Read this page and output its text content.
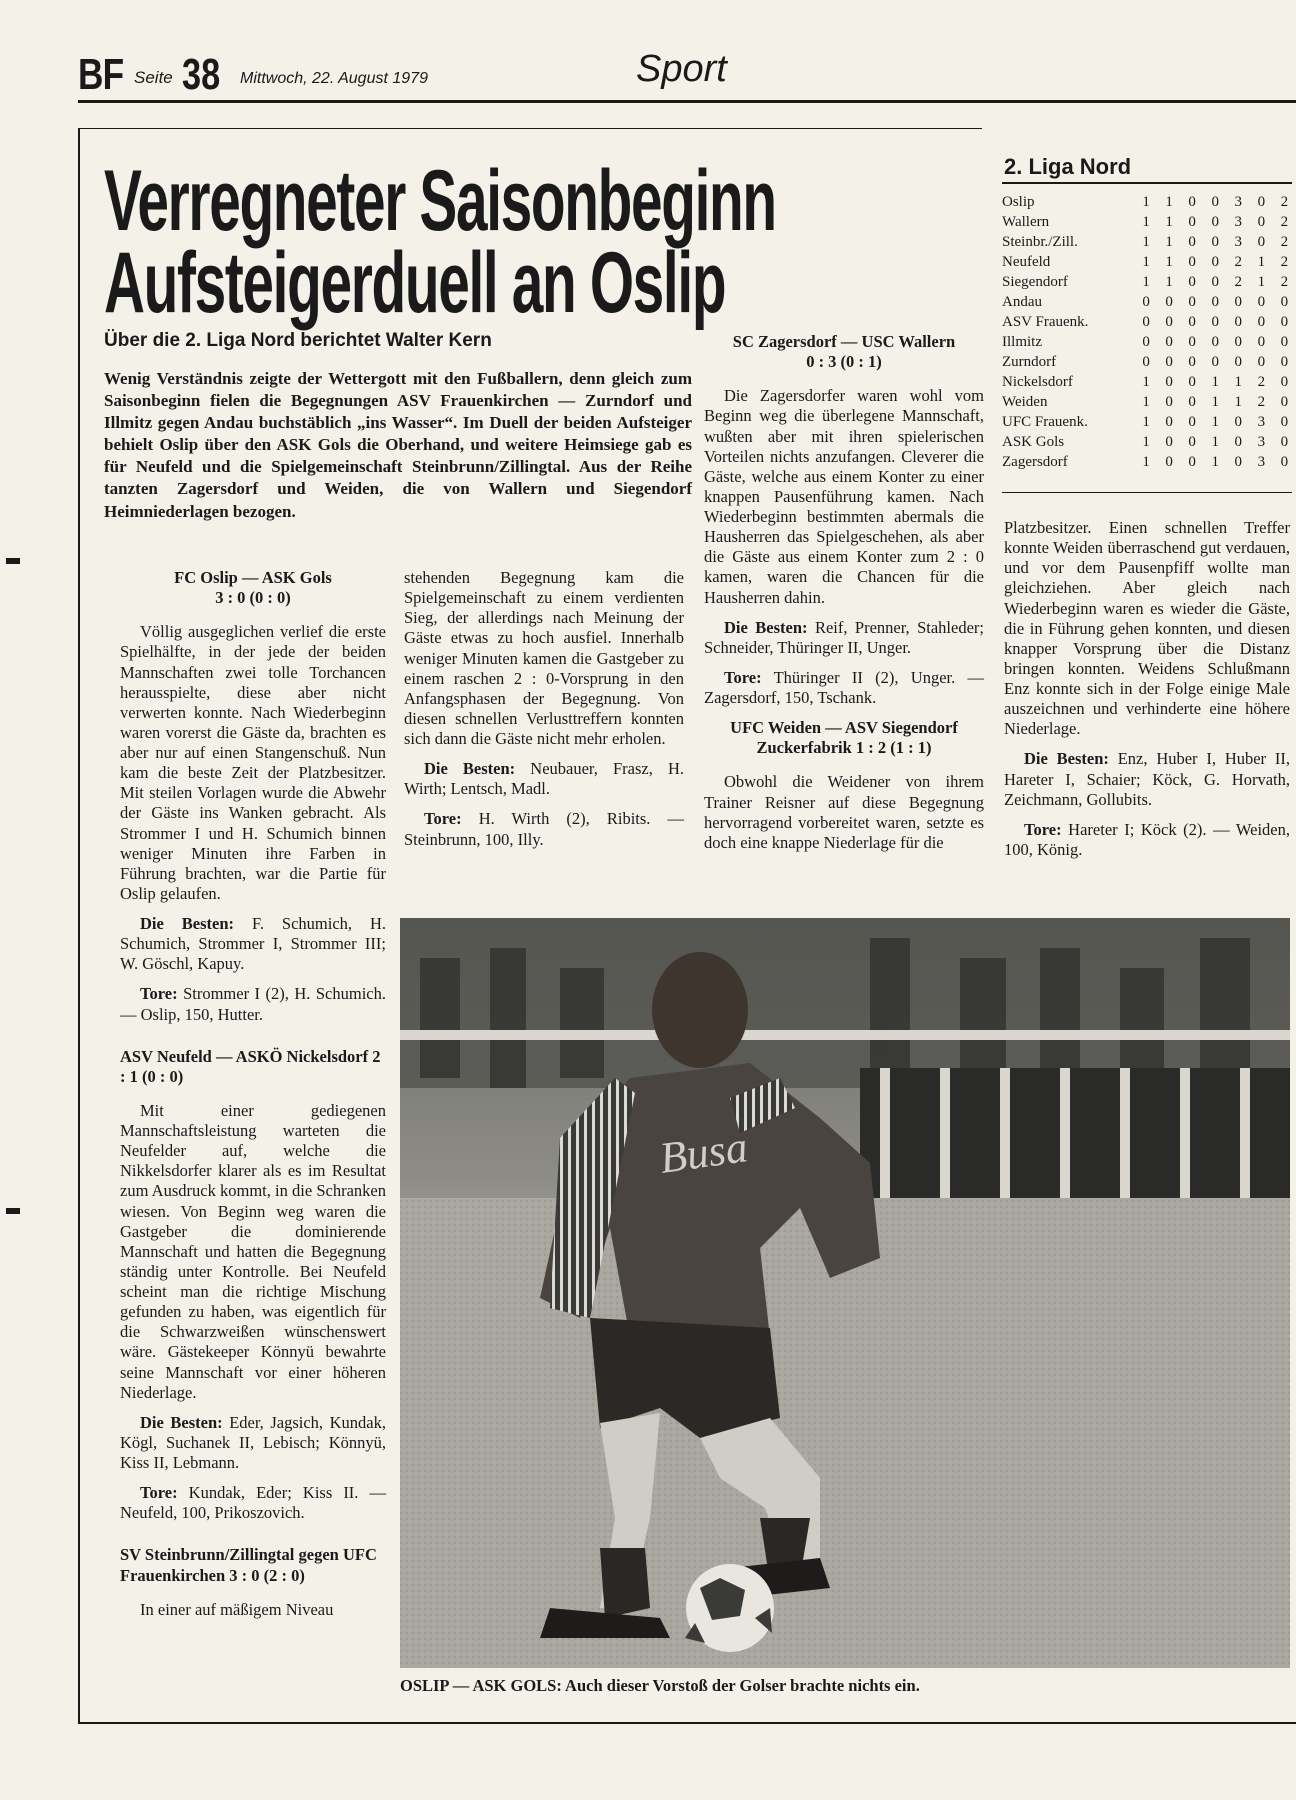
BF Seite 38 Mittwoch, 22. August 1979	Sport
Verregneter Saisonbeginn
Aufsteigerduell an Oslip
Über die 2. Liga Nord berichtet Walter Kern

Wenig Verständnis zeigte der Wettergott mit den Fußballern, denn gleich zum Saisonbeginn fielen die Begegnungen ASV Frauenkirchen — Zurndorf und Illmitz gegen Andau buchstäblich „ins Wasser“. Im Duell der beiden Aufsteiger behielt Oslip über den ASK Gols die Oberhand, und weitere Heimsiege gab es für Neufeld und die Spielgemeinschaft Steinbrunn/Zillingtal. Aus der Reihe tanzten Zagersdorf und Weiden, die von Wallern und Siegendorf Heimniederlagen bezogen.

FC Oslip — ASK Gols
3 : 0 (0 : 0)

Völlig ausgeglichen verlief die erste Spielhälfte, in der jede der beiden Mannschaften zwei tolle Torchancen herausspielte, diese aber nicht verwerten konnte. Nach Wiederbeginn waren vorerst die Gäste da, brachten es aber nur auf einen Stangenschuß. Nun kam die beste Zeit der Platzbesitzer. Mit steilen Vorlagen wurde die Abwehr der Gäste ins Wanken gebracht. Als Strommer I und H. Schumich binnen weniger Minuten ihre Farben in Führung brachten, war die Partie für Oslip gelaufen.

Die Besten: F. Schumich, H. Schumich, Strommer I, Strommer III; W. Göschl, Kapuy.

Tore: Strommer I (2), H. Schumich. — Oslip, 150, Hutter.

ASV Neufeld — ASKÖ Nickelsdorf 2 : 1 (0 : 0)

Mit einer gediegenen Mannschaftsleistung warteten die Neufelder auf, welche die Nikkelsdorfer klarer als es im Resultat zum Ausdruck kommt, in die Schranken wiesen. Von Beginn weg waren die Gastgeber die dominierende Mannschaft und hatten die Begegnung ständig unter Kontrolle. Bei Neufeld scheint man die richtige Mischung gefunden zu haben, was eigentlich für die Schwarzweißen wünschenswert wäre. Gästekeeper Könnyü bewahrte seine Mannschaft vor einer höheren Niederlage.

Die Besten: Eder, Jagsich, Kundak, Kögl, Suchanek II, Lebisch; Könnyü, Kiss II, Lebmann.

Tore: Kundak, Eder; Kiss II. — Neufeld, 100, Prikoszovich.

SV Steinbrunn/Zillingtal gegen UFC Frauenkirchen 3 : 0 (2 : 0)

In einer auf mäßigem Niveau

stehenden Begegnung kam die Spielgemeinschaft zu einem verdienten Sieg, der allerdings nach Meinung der Gäste etwas zu hoch ausfiel. Innerhalb weniger Minuten kamen die Gastgeber zu einem raschen 2 : 0-Vorsprung in den Anfangsphasen der Begegnung. Von diesen schnellen Verlusttreffern konnten sich dann die Gäste nicht mehr erholen.

Die Besten: Neubauer, Frasz, H. Wirth; Lentsch, Madl.

Tore: H. Wirth (2), Ribits. — Steinbrunn, 100, Illy.

SC Zagersdorf — USC Wallern
0 : 3 (0 : 1)

Die Zagersdorfer waren wohl vom Beginn weg die überlegene Mannschaft, wußten aber mit ihren spielerischen Vorteilen nichts anzufangen. Cleverer die Gäste, welche aus einem Konter zu einer knappen Pausenführung kamen. Nach Wiederbeginn bestimmten abermals die Hausherren das Spielgeschehen, als aber die Gäste aus einem Konter zum 2 : 0 kamen, waren die Chancen für die Hausherren dahin.

Die Besten: Reif, Prenner, Stahleder; Schneider, Thüringer II, Unger.

Tore: Thüringer II (2), Unger. — Zagersdorf, 150, Tschank.

UFC Weiden — ASV Siegendorf
Zuckerfabrik 1 : 2 (1 : 1)

Obwohl die Weidener von ihrem Trainer Reisner auf diese Begegnung hervorragend vorbereitet waren, setzte es doch eine knappe Niederlage für die

2. Liga Nord
Oslip	1	1	0	0	3	0	2
Wallern	1	1	0	0	3	0	2
Steinbr./Zill.	1	1	0	0	3	0	2
Neufeld	1	1	0	0	2	1	2
Siegendorf	1	1	0	0	2	1	2
Andau	0	0	0	0	0	0	0
ASV Frauenk.	0	0	0	0	0	0	0
Illmitz	0	0	0	0	0	0	0
Zurndorf	0	0	0	0	0	0	0
Nickelsdorf	1	0	0	1	1	2	0
Weiden	1	0	0	1	1	2	0
UFC Frauenk.	1	0	0	1	0	3	0
ASK Gols	1	0	0	1	0	3	0
Zagersdorf	1	0	0	1	0	3	0

Platzbesitzer. Einen schnellen Treffer konnte Weiden überraschend gut verdauen, und vor dem Pausenpfiff wollte man gleichziehen. Aber gleich nach Wiederbeginn waren es wieder die Gäste, die in Führung gehen konnten, und diesen knapper Vorsprung über die Distanz bringen konnten. Weidens Schlußmann Enz konnte sich in der Folge einige Male auszeichnen und verhinderte eine höhere Niederlage.

Die Besten: Enz, Huber I, Huber II, Hareter I, Schaier; Köck, G. Horvath, Zeichmann, Gollubits.

Tore: Hareter I; Köck (2). — Weiden, 100, König.

Busa
OSLIP — ASK GOLS: Auch dieser Vorstoß der Golser brachte nichts ein.
